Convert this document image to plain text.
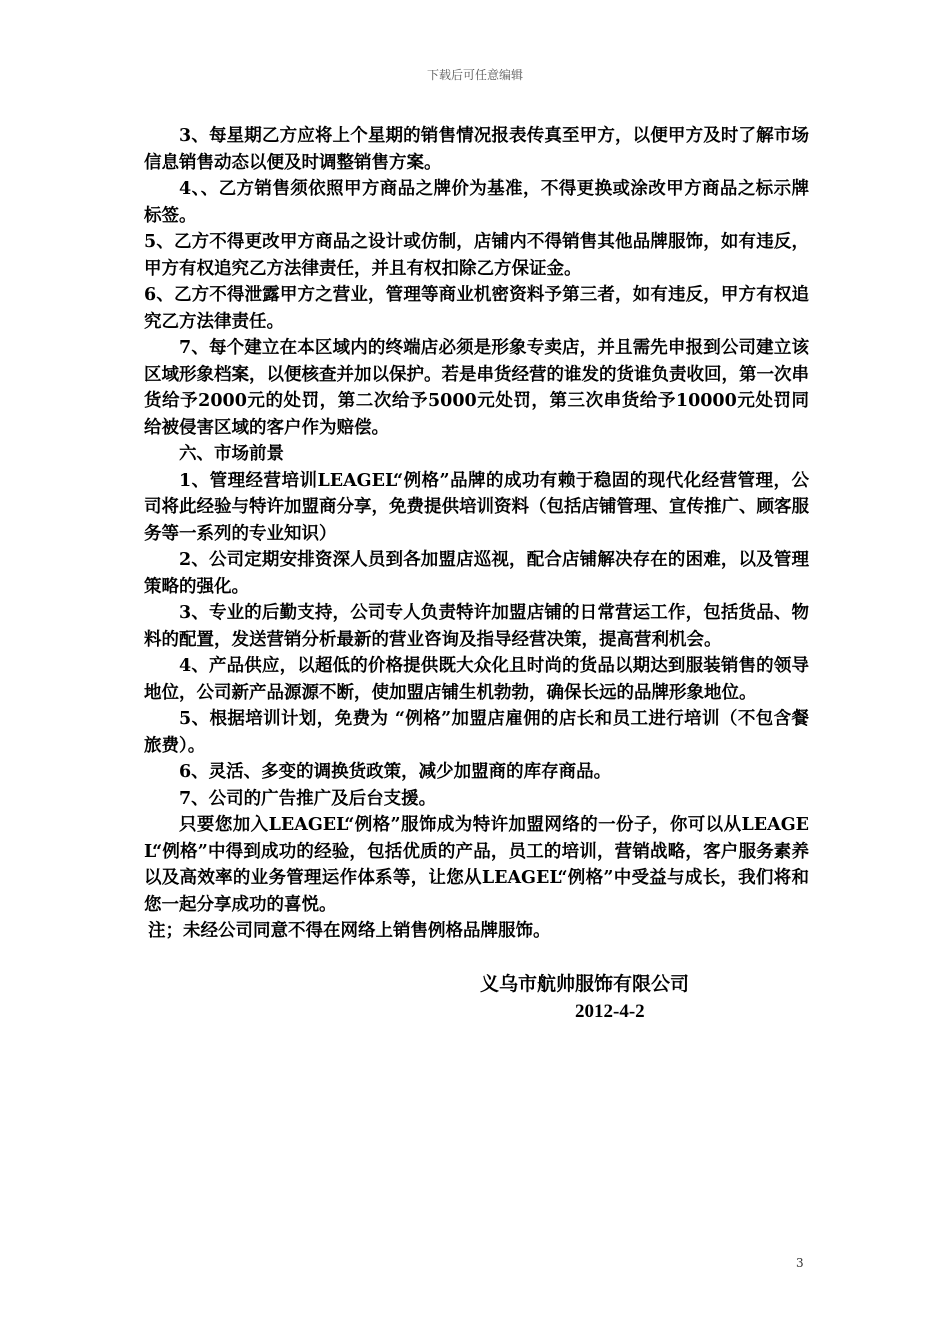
下载后可任意编辑

3、每星期乙方应将上个星期的销售情况报表传真至甲方，以便甲方及时了解市场信息销售动态以便及时调整销售方案。

4、、乙方销售须依照甲方商品之牌价为基准，不得更换或涂改甲方商品之标示牌标签。

5、乙方不得更改甲方商品之设计或仿制，店铺内不得销售其他品牌服饰，如有违反，甲方有权追究乙方法律责任，并且有权扣除乙方保证金。

6、乙方不得泄露甲方之营业，管理等商业机密资料予第三者，如有违反，甲方有权追究乙方法律责任。

7、每个建立在本区域内的终端店必须是形象专卖店，并且需先申报到公司建立该区域形象档案，以便核查并加以保护。若是串货经营的谁发的货谁负责收回，第一次串货给予2000元的处罚，第二次给予5000元处罚，第三次串货给予10000元处罚同给被侵害区域的客户作为赔偿。

六、市场前景

1、管理经营培训LEAGEL“例格”品牌的成功有赖于稳固的现代化经营管理，公司将此经验与特许加盟商分享，免费提供培训资料（包括店铺管理、宣传推广、顾客服务等一系列的专业知识）

2、公司定期安排资深人员到各加盟店巡视，配合店铺解决存在的困难，以及管理策略的强化。

3、专业的后勤支持，公司专人负责特许加盟店铺的日常营运工作，包括货品、物料的配置，发送营销分析最新的营业咨询及指导经营决策，提高营利机会。

4、产品供应，以超低的价格提供既大众化且时尚的货品以期达到服装销售的领导地位，公司新产品源源不断，使加盟店铺生机勃勃，确保长远的品牌形象地位。

5、根据培训计划，免费为 “例格”加盟店雇佣的店长和员工进行培训（不包含餐旅费）。

6、灵活、多变的调换货政策，减少加盟商的库存商品。

7、公司的广告推广及后台支援。

只要您加入LEAGEL“例格”服饰成为特许加盟网络的一份子，你可以从LEAGEL“例格”中得到成功的经验，包括优质的产品，员工的培训，营销战略，客户服务素养以及高效率的业务管理运作体系等，让您从LEAGEL“例格”中受益与成长，我们将和您一起分享成功的喜悦。

注；未经公司同意不得在网络上销售例格品牌服饰。

义乌市航帅服饰有限公司
2012-4-2
3
